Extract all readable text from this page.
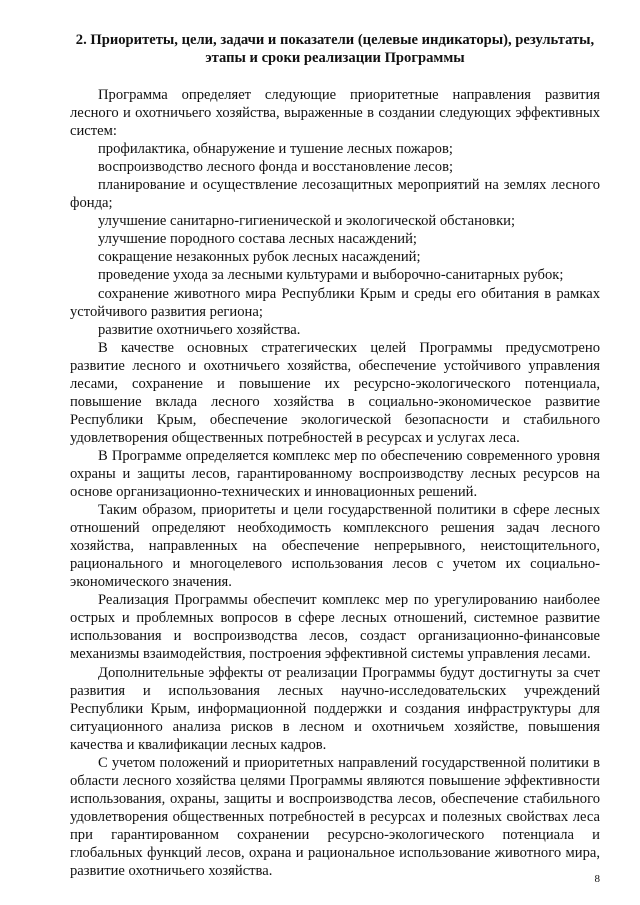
2. Приоритеты, цели, задачи и показатели (целевые индикаторы), результаты,
этапы и сроки реализации Программы

Программа определяет следующие приоритетные направления развития лесного и охотничьего хозяйства, выраженные в создании следующих эффективных систем:

профилактика, обнаружение и тушение лесных пожаров;

воспроизводство лесного фонда и восстановление лесов;

планирование и осуществление лесозащитных мероприятий на землях лесного фонда;

улучшение санитарно-гигиенической и экологической обстановки;

улучшение породного состава лесных насаждений;

сокращение незаконных рубок лесных насаждений;

проведение ухода за лесными культурами и выборочно-санитарных рубок;

сохранение животного мира Республики Крым и среды его обитания в рамках устойчивого развития региона;

развитие охотничьего хозяйства.

В качестве основных стратегических целей Программы предусмотрено развитие лесного и охотничьего хозяйства, обеспечение устойчивого управления лесами, сохранение и повышение их ресурсно-экологического потенциала, повышение вклада лесного хозяйства в социально-экономическое развитие Республики Крым, обеспечение экологической безопасности и стабильного удовлетворения общественных потребностей в ресурсах и услугах леса.

В Программе определяется комплекс мер по обеспечению современного уровня охраны и защиты лесов, гарантированному воспроизводству лесных ресурсов на основе организационно-технических и инновационных решений.

Таким образом, приоритеты и цели государственной политики в сфере лесных отношений определяют необходимость комплексного решения задач лесного хозяйства, направленных на обеспечение непрерывного, неистощительного, рационального и многоцелевого использования лесов с учетом их социально-экономического значения.

Реализация Программы обеспечит комплекс мер по урегулированию наиболее острых и проблемных вопросов в сфере лесных отношений, системное развитие использования и воспроизводства лесов, создаст организационно-финансовые механизмы взаимодействия, построения эффективной системы управления лесами.

Дополнительные эффекты от реализации Программы будут достигнуты за счет развития и использования лесных научно-исследовательских учреждений Республики Крым, информационной поддержки и создания инфраструктуры для ситуационного анализа рисков в лесном и охотничьем хозяйстве, повышения качества и квалификации лесных кадров.

С учетом положений и приоритетных направлений государственной политики в области лесного хозяйства целями Программы являются повышение эффективности использования, охраны, защиты и воспроизводства лесов, обеспечение стабильного удовлетворения общественных потребностей в ресурсах и полезных свойствах леса при гарантированном сохранении ресурсно-экологического потенциала и глобальных функций лесов, охрана и рациональное использование животного мира, развитие охотничьего хозяйства.	8
